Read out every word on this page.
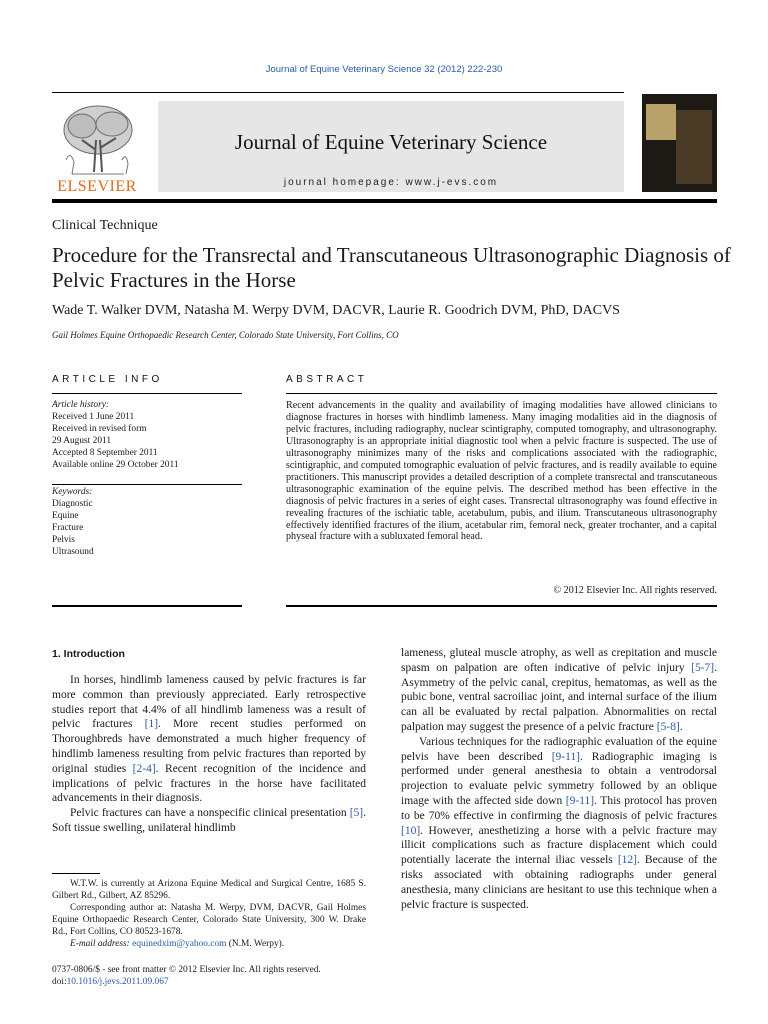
Journal of Equine Veterinary Science 32 (2012) 222-230
ELSEVIER
Journal of Equine Veterinary Science
journal homepage: www.j-evs.com
Clinical Technique
Procedure for the Transrectal and Transcutaneous Ultrasonographic Diagnosis of Pelvic Fractures in the Horse
Wade T. Walker DVM, Natasha M. Werpy DVM, DACVR, Laurie R. Goodrich DVM, PhD, DACVS
Gail Holmes Equine Orthopaedic Research Center, Colorado State University, Fort Collins, CO
ARTICLE INFO	ABSTRACT
Article history:
Received 1 June 2011
Received in revised form
29 August 2011
Accepted 8 September 2011
Available online 29 October 2011
Keywords:
Diagnostic
Equine
Fracture
Pelvis
Ultrasound
Recent advancements in the quality and availability of imaging modalities have allowed clinicians to diagnose fractures in horses with hindlimb lameness. Many imaging modalities aid in the diagnosis of pelvic fractures, including radiography, nuclear scintigraphy, computed tomography, and ultrasonography. Ultrasonography is an appropriate initial diagnostic tool when a pelvic fracture is suspected. The use of ultrasonography minimizes many of the risks and complications associated with the radiographic, scintigraphic, and computed tomographic evaluation of pelvic fractures, and is readily available to equine practitioners. This manuscript provides a detailed description of a complete transrectal and transcutaneous ultrasonographic examination of the equine pelvis. The described method has been effective in the diagnosis of pelvic fractures in a series of eight cases. Transrectal ultrasonography was found effective in revealing fractures of the ischiatic table, acetabulum, pubis, and ilium. Transcutaneous ultrasonography effectively identified fractures of the ilium, acetabular rim, femoral neck, greater trochanter, and a capital physeal fracture with a subluxated femoral head.
© 2012 Elsevier Inc. All rights reserved.
1. Introduction

In horses, hindlimb lameness caused by pelvic fractures is far more common than previously appreciated. Early retrospective studies report that 4.4% of all hindlimb lameness was a result of pelvic fractures [1]. More recent studies performed on Thoroughbreds have demonstrated a much higher frequency of hindlimb lameness resulting from pelvic fractures than reported by original studies [2-4]. Recent recognition of the incidence and implications of pelvic fractures in the horse have facilitated advancements in their diagnosis.

Pelvic fractures can have a nonspecific clinical presentation [5]. Soft tissue swelling, unilateral hindlimb

lameness, gluteal muscle atrophy, as well as crepitation and muscle spasm on palpation are often indicative of pelvic injury [5-7]. Asymmetry of the pelvic canal, crepitus, hematomas, as well as the pubic bone, ventral sacroiliac joint, and internal surface of the ilium can all be evaluated by rectal palpation. Abnormalities on rectal palpation may suggest the presence of a pelvic fracture [5-8].

Various techniques for the radiographic evaluation of the equine pelvis have been described [9-11]. Radiographic imaging is performed under general anesthesia to obtain a ventrodorsal projection to evaluate pelvic symmetry followed by an oblique image with the affected side down [9-11]. This protocol has proven to be 70% effective in confirming the diagnosis of pelvic fractures [10]. However, anesthetizing a horse with a pelvic fracture may illicit complications such as fracture displacement which could potentially lacerate the internal iliac vessels [12]. Because of the risks associated with obtaining radiographs under general anesthesia, many clinicians are hesitant to use this technique when a pelvic fracture is suspected.

W.T.W. is currently at Arizona Equine Medical and Surgical Centre, 1685 S. Gilbert Rd., Gilbert, AZ 85296.

Corresponding author at: Natasha M. Werpy, DVM, DACVR, Gail Holmes Equine Orthopaedic Research Center, Colorado State University, 300 W. Drake Rd., Fort Collins, CO 80523-1678.

E-mail address: equinedxim@yahoo.com (N.M. Werpy).

0737-0806/$ - see front matter © 2012 Elsevier Inc. All rights reserved.
doi:10.1016/j.jevs.2011.09.067
